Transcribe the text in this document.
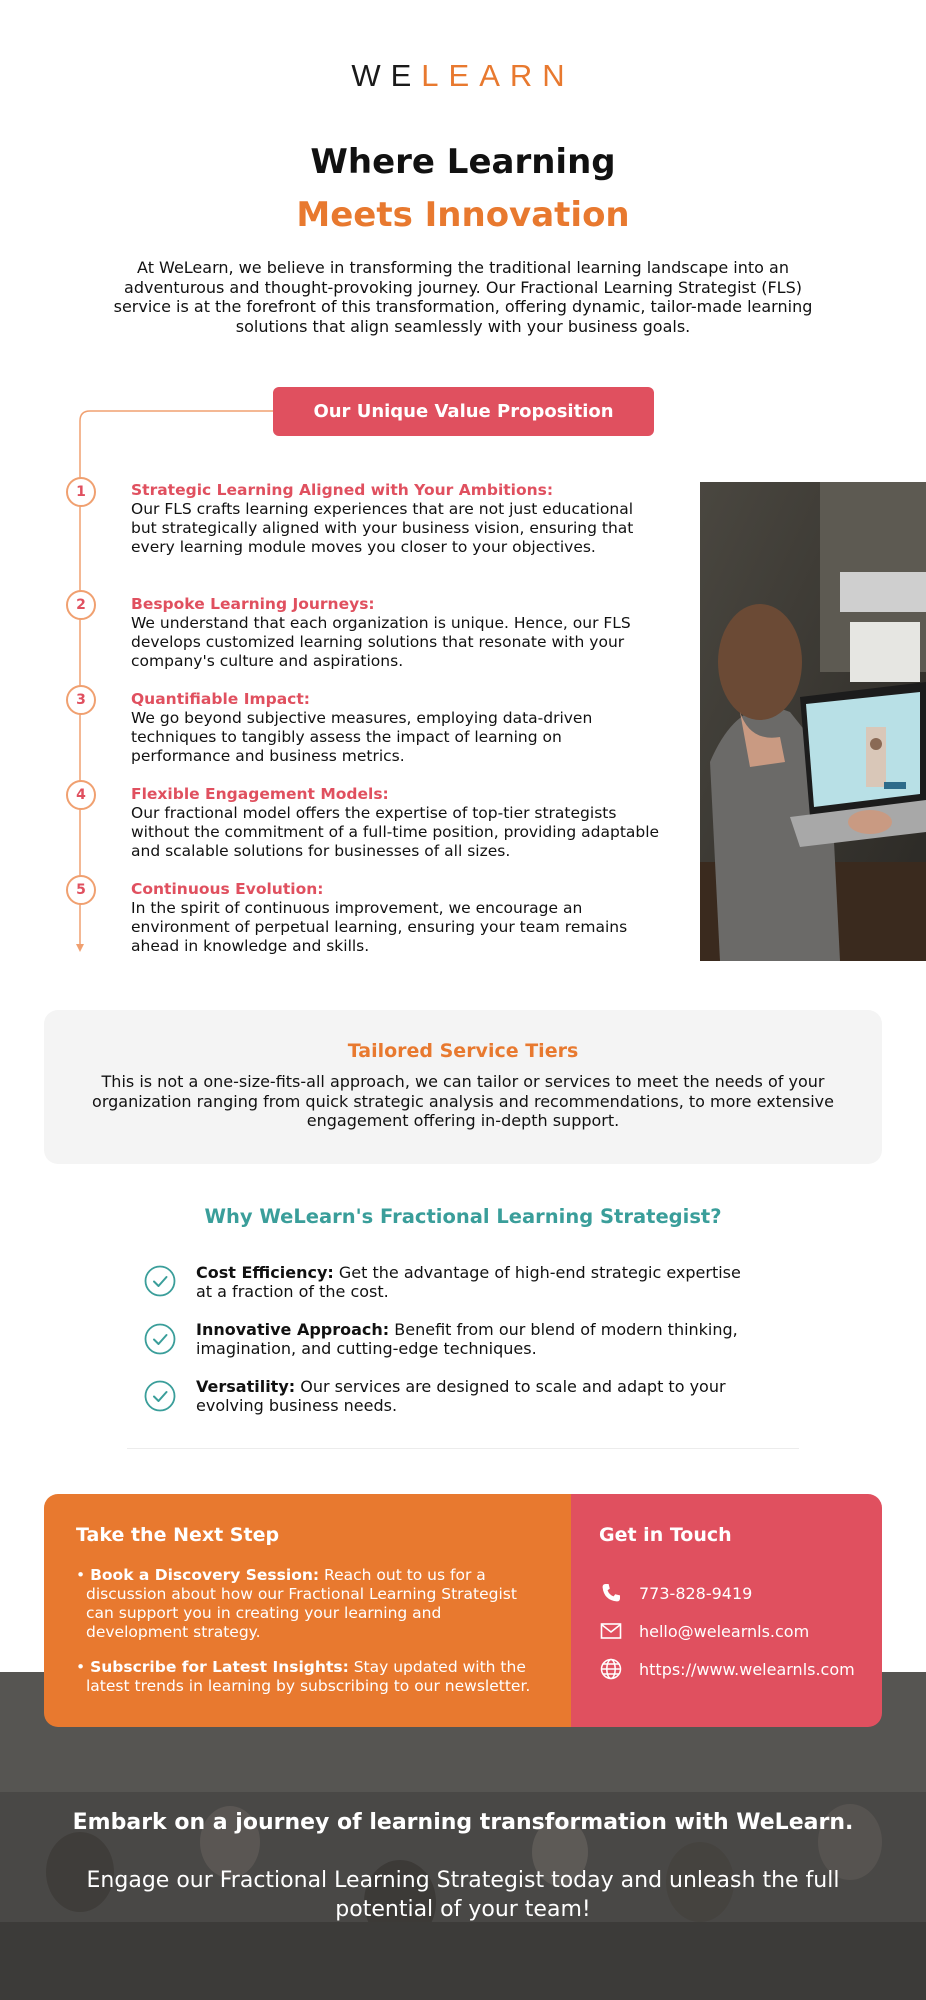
WELEARN
Where Learning
Meets Innovation
At WeLearn, we believe in transforming the traditional learning landscape into an adventurous and thought-provoking journey. Our Fractional Learning Strategist (FLS) service is at the forefront of this transformation, offering dynamic, tailor-made learning solutions that align seamlessly with your business goals.
Our Unique Value Proposition
1	Strategic Learning Aligned with Your Ambitions:
Our FLS crafts learning experiences that are not just educational but strategically aligned with your business vision, ensuring that every learning module moves you closer to your objectives.
2	Bespoke Learning Journeys:
We understand that each organization is unique. Hence, our FLS develops customized learning solutions that resonate with your company's culture and aspirations.
3	Quantifiable Impact:
We go beyond subjective measures, employing data-driven techniques to tangibly assess the impact of learning on performance and business metrics.
4	Flexible Engagement Models:
Our fractional model offers the expertise of top-tier strategists without the commitment of a full-time position, providing adaptable and scalable solutions for businesses of all sizes.
5	Continuous Evolution:
In the spirit of continuous improvement, we encourage an environment of perpetual learning, ensuring your team remains ahead in knowledge and skills.
Tailored Service Tiers
This is not a one-size-fits-all approach, we can tailor or services to meet the needs of your organization ranging from quick strategic analysis and recommendations, to more extensive engagement offering in-depth support.
Why WeLearn's Fractional Learning Strategist?
Cost Efficiency: Get the advantage of high-end strategic expertise at a fraction of the cost.
Innovative Approach: Benefit from our blend of modern thinking, imagination, and cutting-edge techniques.
Versatility: Our services are designed to scale and adapt to your evolving business needs.
Embark on a journey of learning transformation with WeLearn.
Engage our Fractional Learning Strategist today and unleash the full potential of your team!
Take the Next Step
• Book a Discovery Session: Reach out to us for a discussion about how our Fractional Learning Strategist can support you in creating your learning and development strategy.
• Subscribe for Latest Insights: Stay updated with the latest trends in learning by subscribing to our newsletter.
Get in Touch
773-828-9419
hello@welearnls.com
https://www.welearnls.com
